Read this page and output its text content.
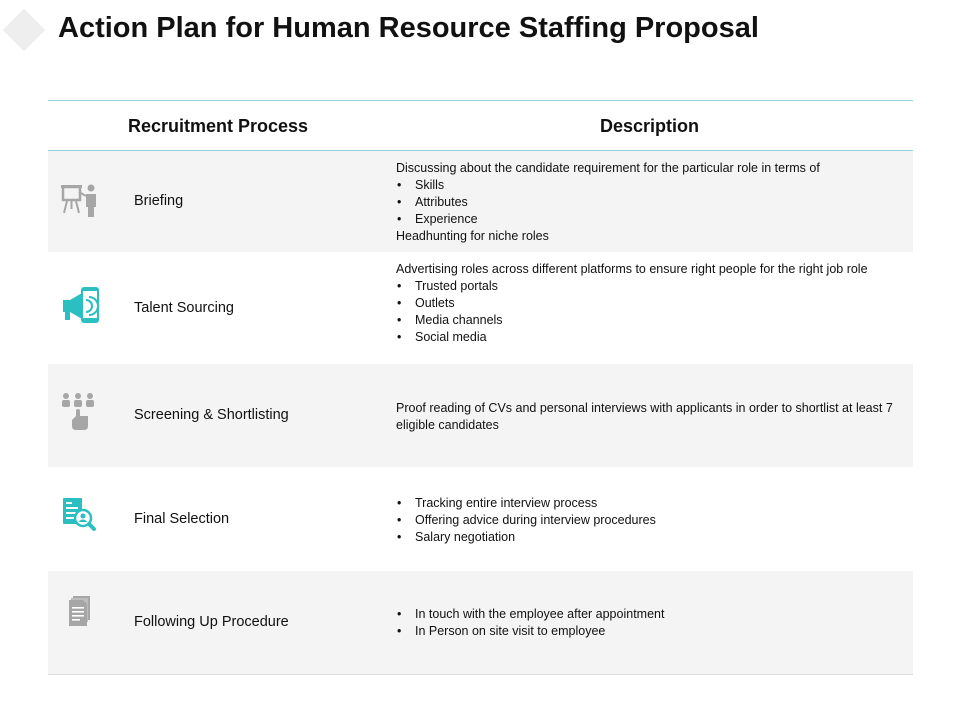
Action Plan for Human Resource Staffing Proposal
Recruitment Process	Description
Briefing

Discussing about the candidate requirement for the particular role in terms of

• Skills
• Attributes
• Experience

Headhunting for niche roles

Talent Sourcing

Advertising roles across different platforms to ensure right people for the right job role

• Trusted portals
• Outlets
• Media channels
• Social media
Screening & Shortlisting	Proof reading of CVs and personal interviews with applicants in order to shortlist at least 7 eligible candidates

Final Selection
• Tracking entire interview process
• Offering advice during interview procedures
• Salary negotiation
Following Up Procedure
•	In touch with the employee after appointment
• In Person on site visit to employee
